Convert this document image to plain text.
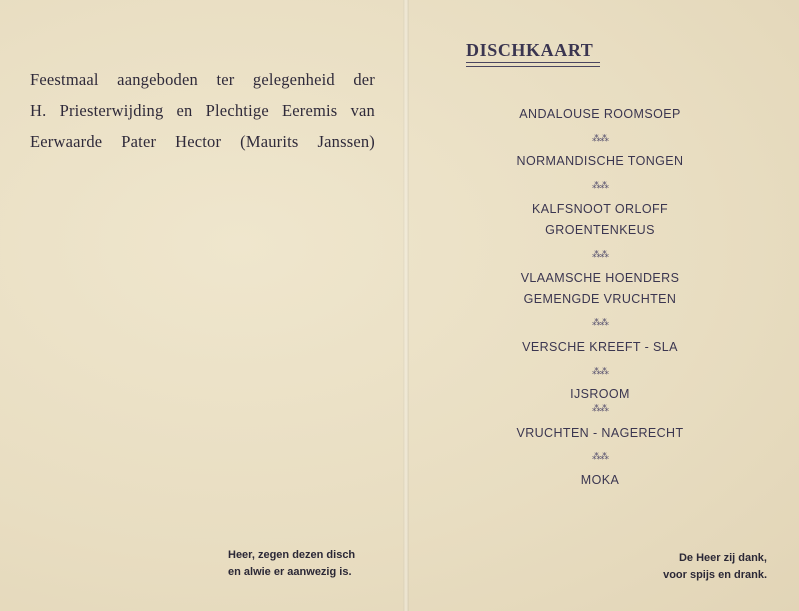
Feestmaal aangeboden ter gelegenheid der
H. Priesterwijding en Plechtige Eeremis van
Eerwaarde Pater Hector (Maurits Janssen)
Heer, zegen dezen disch
en alwie er aanwezig is.
DISCHKAART
ANDALOUSE ROOMSOEP
⁂⁂
NORMANDISCHE TONGEN
⁂⁂
KALFSNOOT ORLOFF
GROENTENKEUS
⁂⁂
VLAAMSCHE HOENDERS
GEMENGDE VRUCHTEN
⁂⁂
VERSCHE KREEFT - SLA
⁂⁂
IJSROOM
⁂⁂
VRUCHTEN - NAGERECHT
⁂⁂
MOKA
De Heer zij dank,
voor spijs en drank.
